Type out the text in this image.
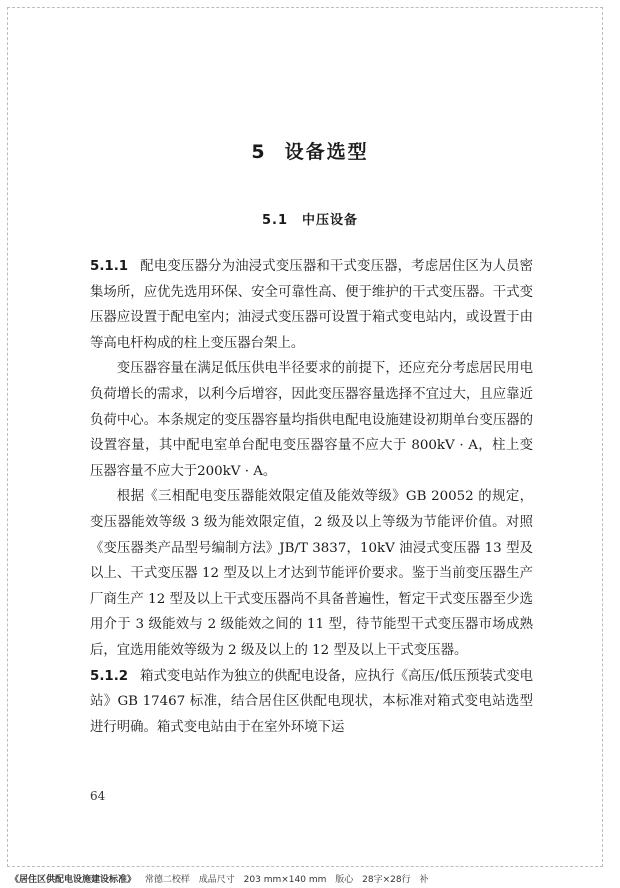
5 设备选型
5.1 中压设备

5.1.1 配电变压器分为油浸式变压器和干式变压器，考虑居住区为人员密集场所，应优先选用环保、安全可靠性高、便于维护的干式变压器。干式变压器应设置于配电室内；油浸式变压器可设置于箱式变电站内，或设置于由等高电杆构成的柱上变压器台架上。

变压器容量在满足低压供电半径要求的前提下，还应充分考虑居民用电负荷增长的需求，以利今后增容，因此变压器容量选择不宜过大，且应靠近负荷中心。本条规定的变压器容量均指供电配电设施建设初期单台变压器的设置容量，其中配电室单台配电变压器容量不应大于 800kV · A，柱上变压器容量不应大于200kV · A。

根据《三相配电变压器能效限定值及能效等级》GB 20052 的规定，变压器能效等级 3 级为能效限定值，2 级及以上等级为节能评价值。对照《变压器类产品型号编制方法》JB/T 3837，10kV 油浸式变压器 13 型及以上、干式变压器 12 型及以上才达到节能评价要求。鉴于当前变压器生产厂商生产 12 型及以上干式变压器尚不具备普遍性，暂定干式变压器至少选用介于 3 级能效与 2 级能效之间的 11 型，待节能型干式变压器市场成熟后，宜选用能效等级为 2 级及以上的 12 型及以上干式变压器。

5.1.2 箱式变电站作为独立的供配电设备，应执行《高压/低压预装式变电站》GB 17467 标准，结合居住区供配电现状，本标准对箱式变电站选型进行明确。箱式变电站由于在室外环境下运

64
《居住区供配电设施建设标准》 常德二校样 成品尺寸 203 mm×140 mm 版心 28字×28行 补
